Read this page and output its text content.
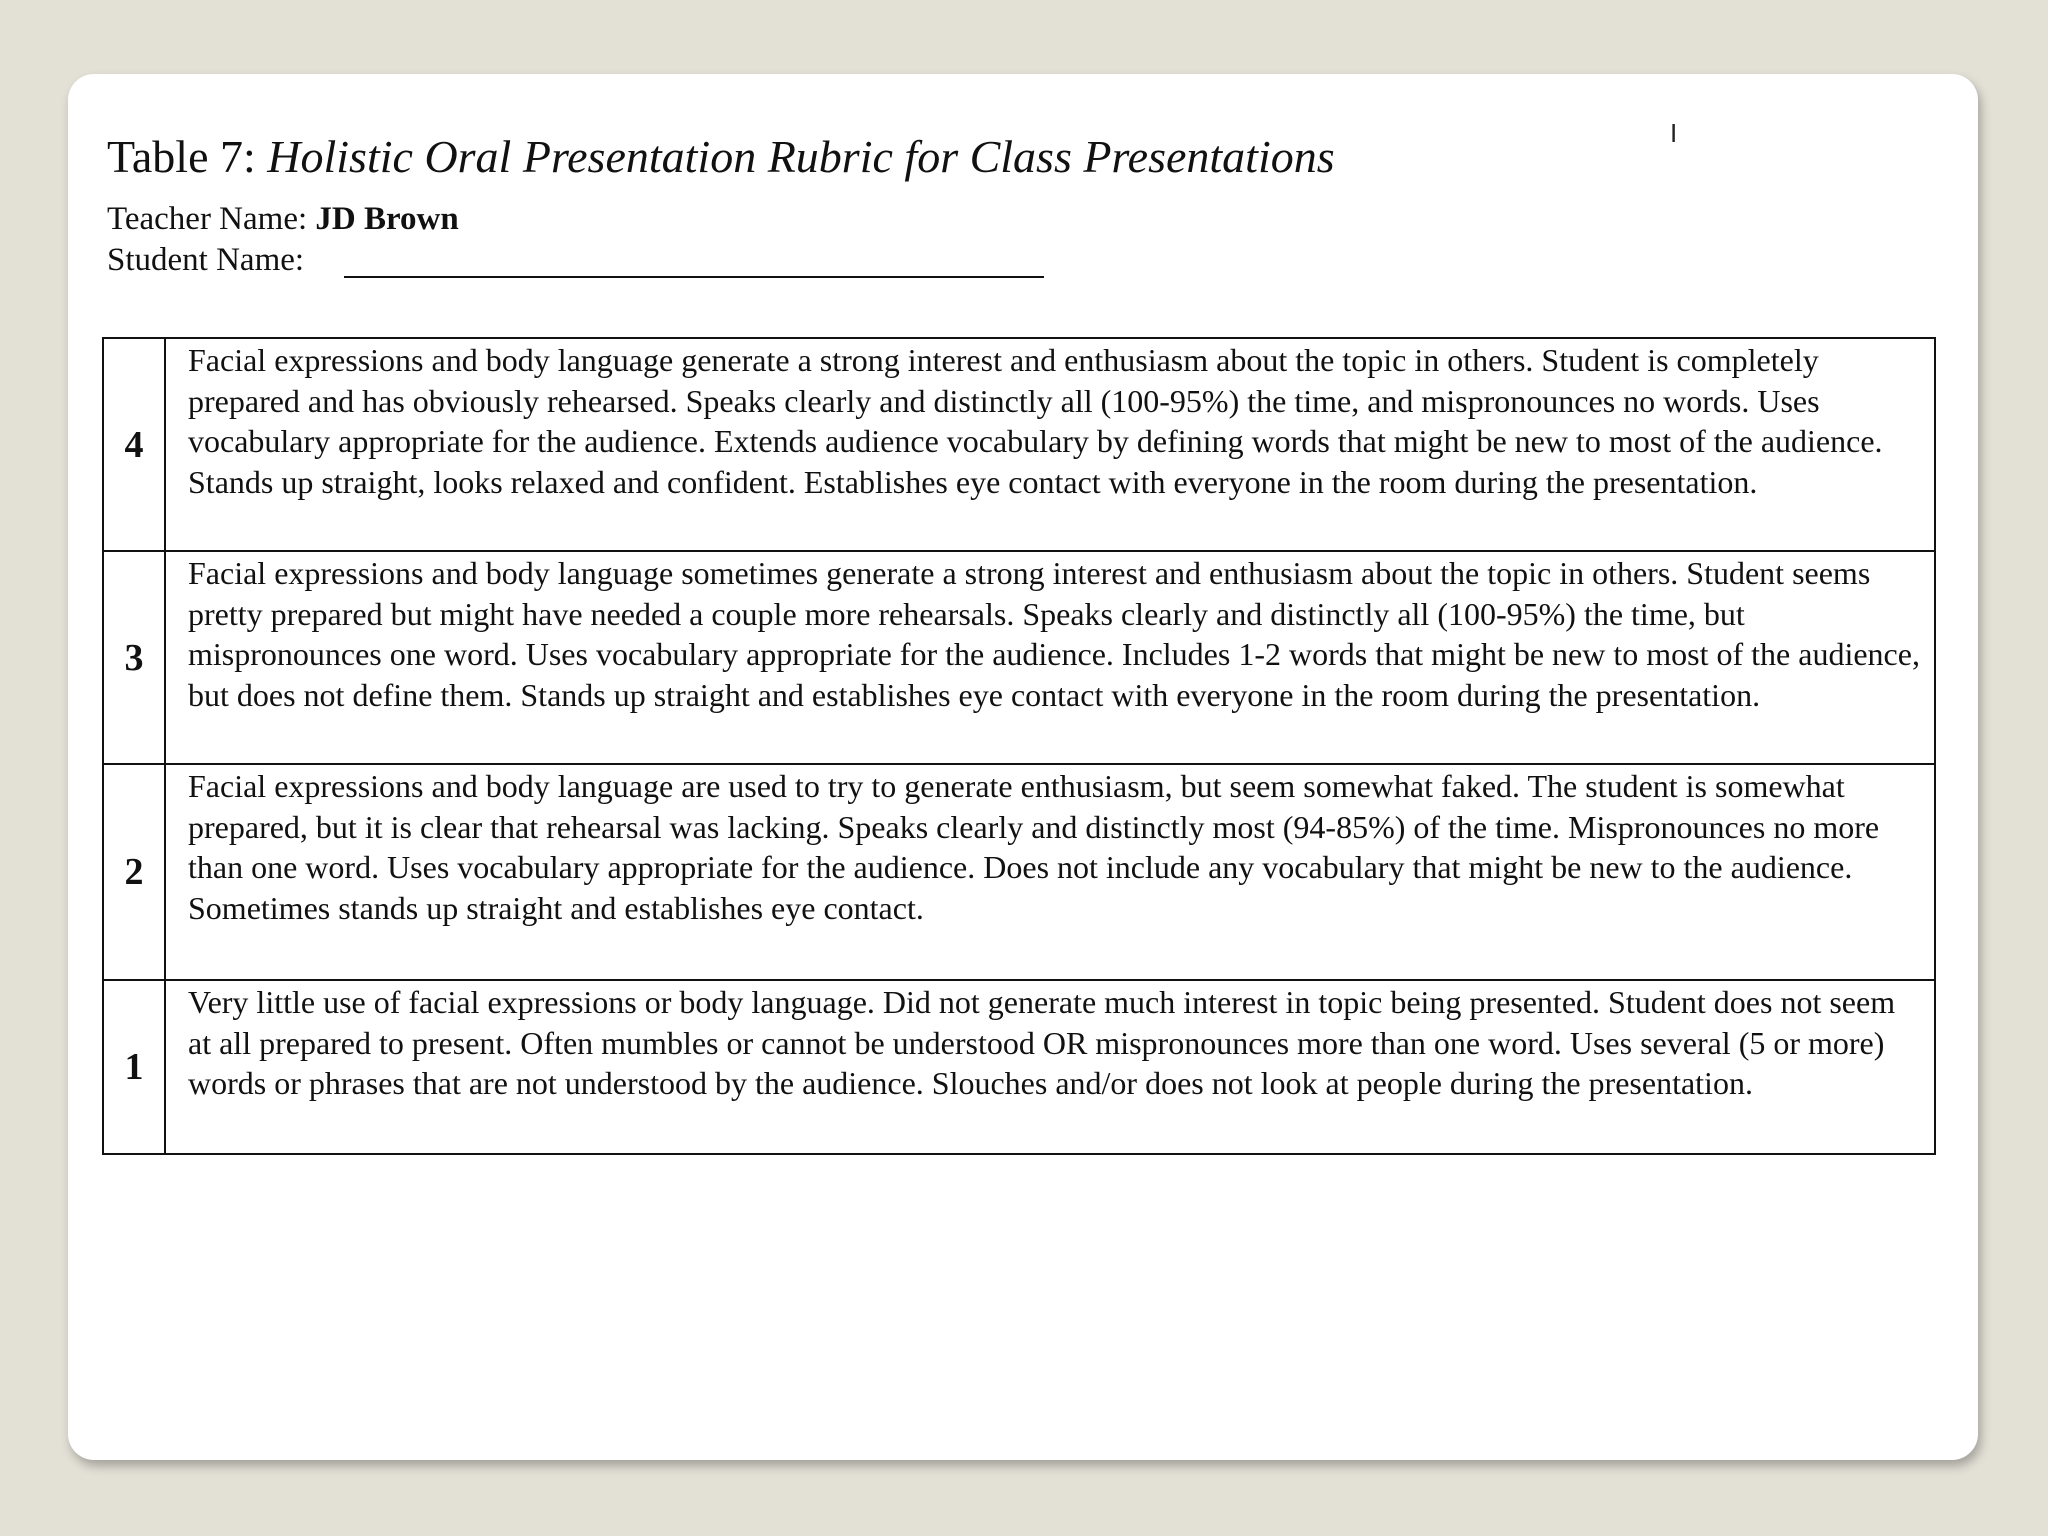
I
Table 7: Holistic Oral Presentation Rubric for Class Presentations
Teacher Name: JD Brown
Student Name:
4	Facial expressions and body language generate a strong interest and enthusiasm about the topic in others. Student is completely prepared and has obviously rehearsed. Speaks clearly and distinctly all (100-95%) the time, and mispronounces no words. Uses vocabulary appropriate for the audience. Extends audience vocabulary by defining words that might be new to most of the audience. Stands up straight, looks relaxed and confident. Establishes eye contact with everyone in the room during the presentation.
3	Facial expressions and body language sometimes generate a strong interest and enthusiasm about the topic in others. Student seems pretty prepared but might have needed a couple more rehearsals. Speaks clearly and distinctly all (100-95%) the time, but mispronounces one word. Uses vocabulary appropriate for the audience. Includes 1-2 words that might be new to most of the audience, but does not define them. Stands up straight and establishes eye contact with everyone in the room during the presentation.
2	Facial expressions and body language are used to try to generate enthusiasm, but seem somewhat faked. The student is somewhat prepared, but it is clear that rehearsal was lacking. Speaks clearly and distinctly most (94-85%) of the time. Mispronounces no more than one word. Uses vocabulary appropriate for the audience. Does not include any vocabulary that might be new to the audience. Sometimes stands up straight and establishes eye contact.
1	Very little use of facial expressions or body language. Did not generate much interest in topic being presented. Student does not seem at all prepared to present. Often mumbles or cannot be understood OR mispronounces more than one word. Uses several (5 or more) words or phrases that are not understood by the audience. Slouches and/or does not look at people during the presentation.
